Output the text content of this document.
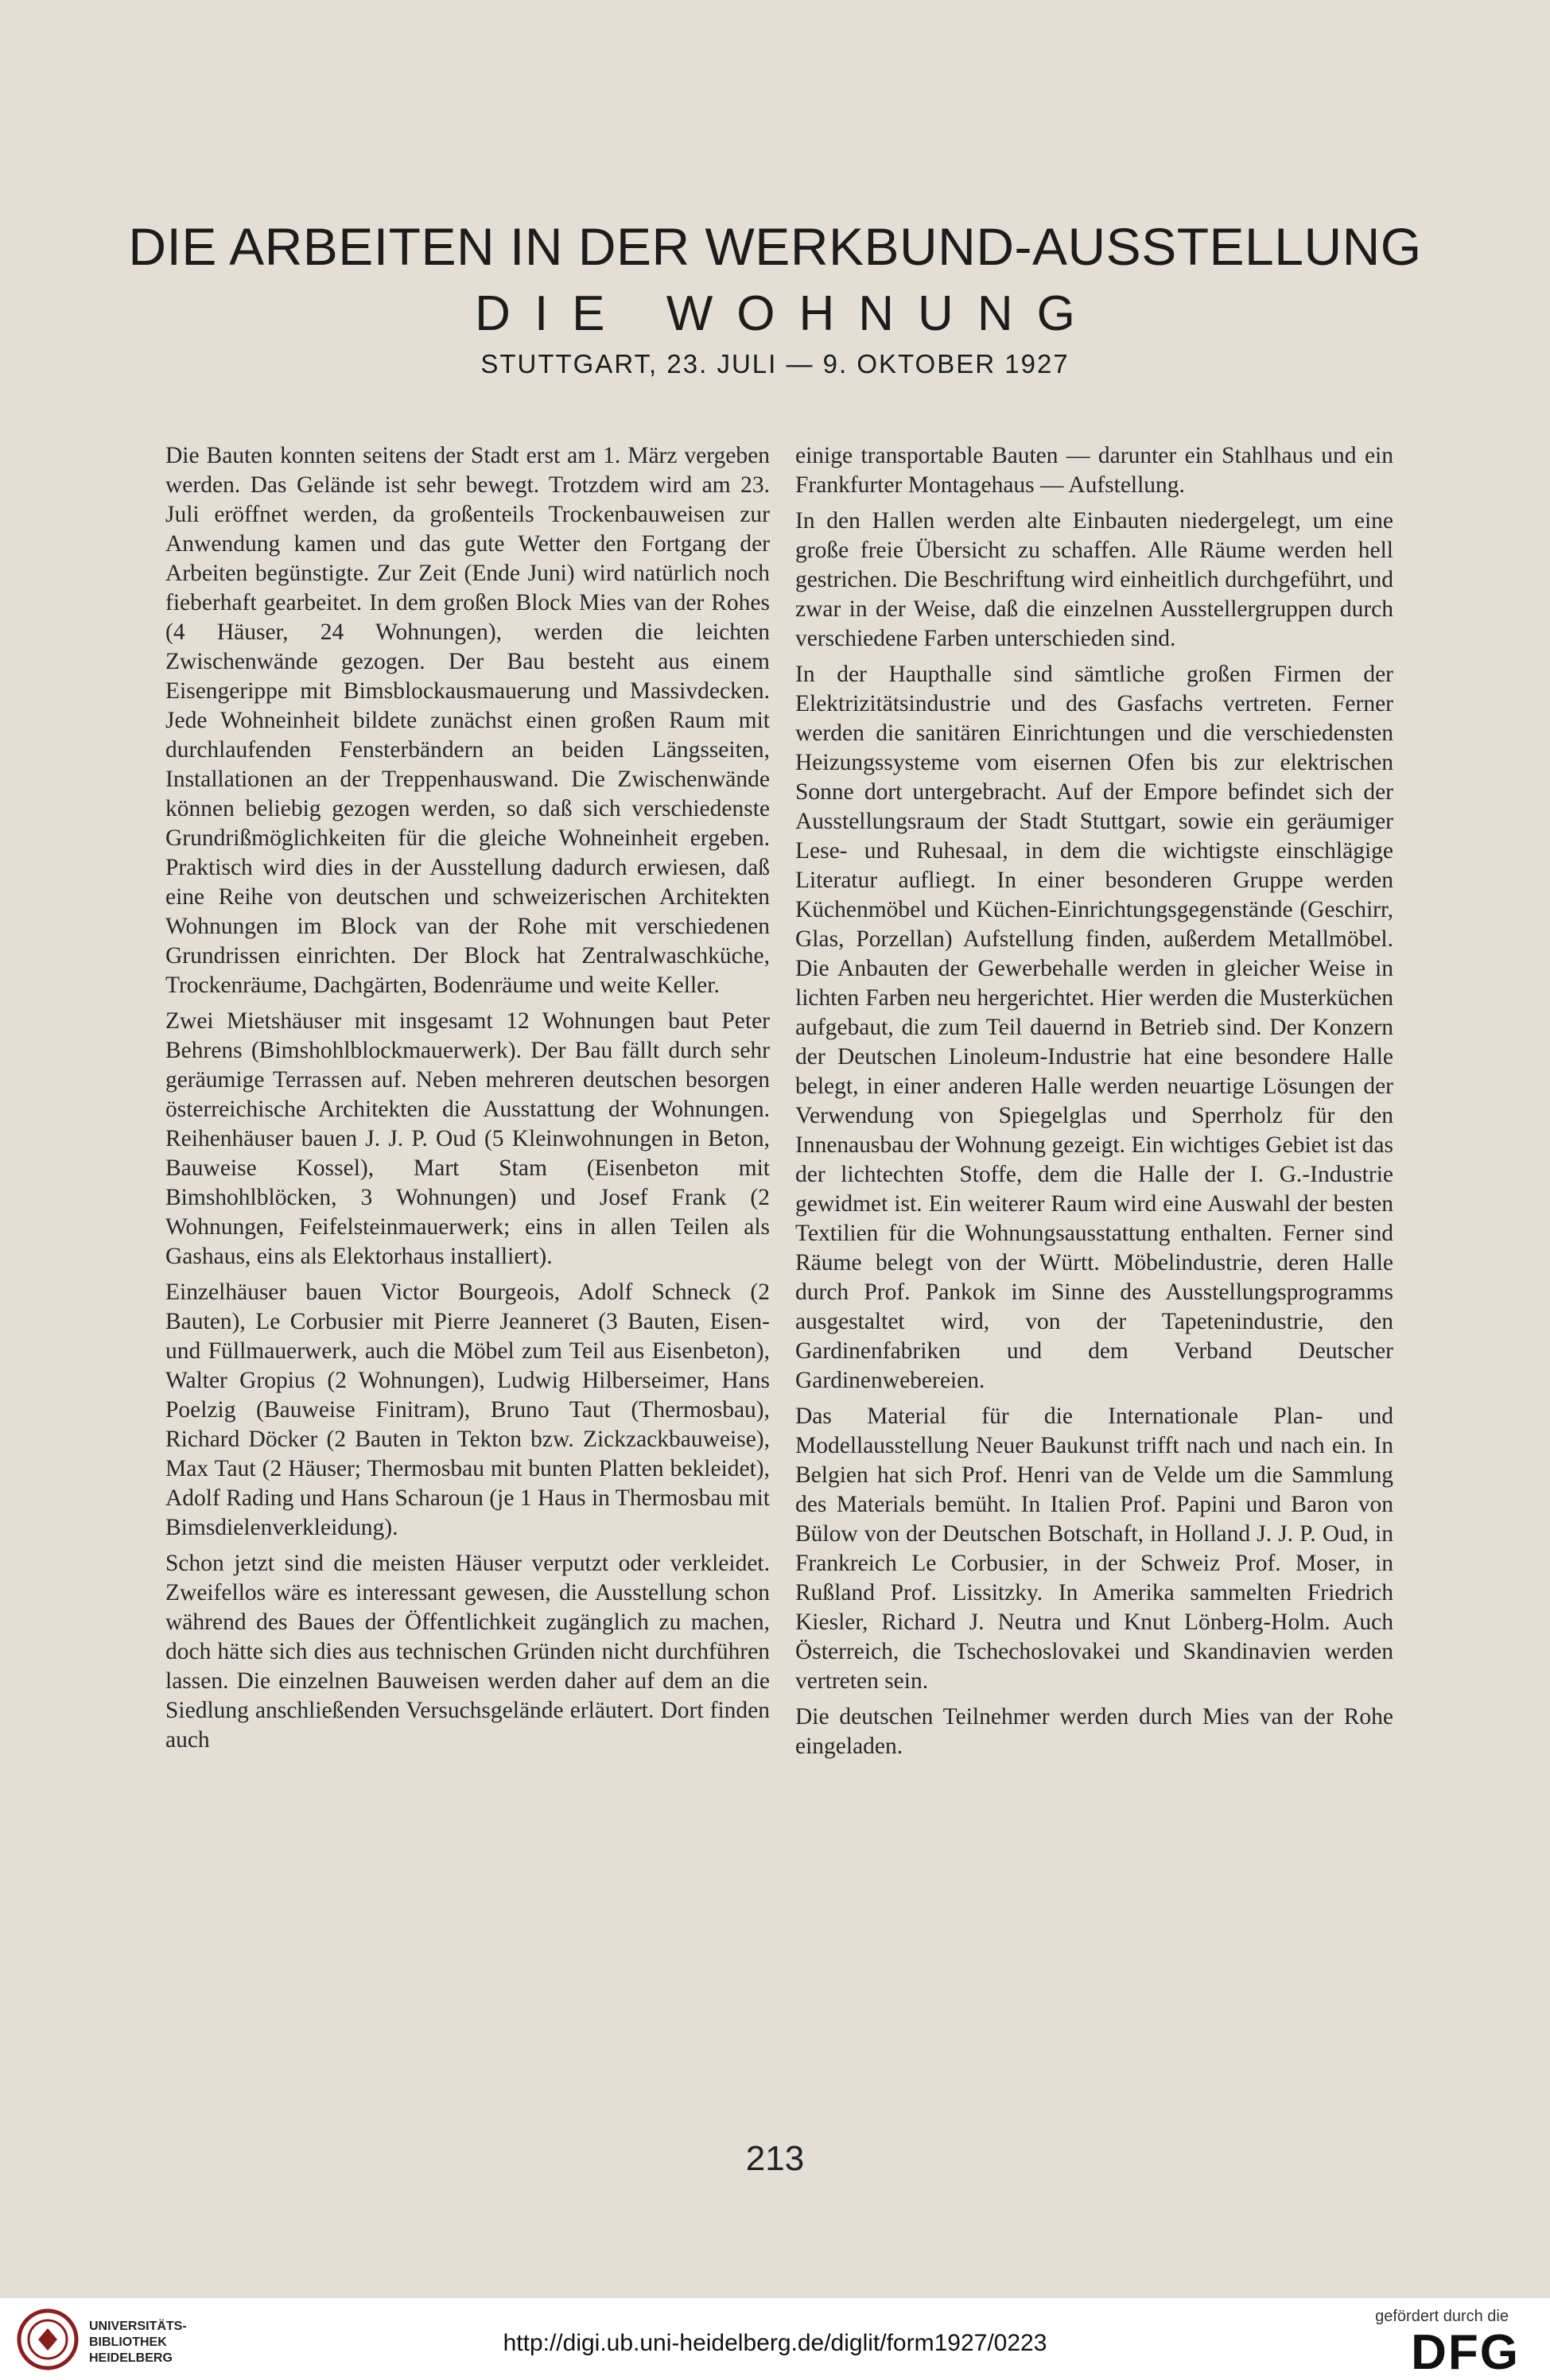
DIE ARBEITEN IN DER WERKBUND-AUSSTELLUNG
DIE WOHNUNG
STUTTGART, 23. JULI — 9. OKTOBER 1927

Die Bauten konnten seitens der Stadt erst am 1. März vergeben werden. Das Gelände ist sehr bewegt. Trotzdem wird am 23. Juli eröffnet werden, da großenteils Trockenbauweisen zur Anwendung kamen und das gute Wetter den Fortgang der Arbeiten begünstigte. Zur Zeit (Ende Juni) wird natürlich noch fieberhaft gearbeitet. In dem großen Block Mies van der Rohes (4 Häuser, 24 Wohnungen), werden die leichten Zwischenwände gezogen. Der Bau besteht aus einem Eisengerippe mit Bimsblockausmauerung und Massivdecken. Jede Wohneinheit bildete zunächst einen großen Raum mit durchlaufenden Fensterbändern an beiden Längsseiten, Installationen an der Treppenhauswand. Die Zwischenwände können beliebig gezogen werden, so daß sich verschiedenste Grundrißmöglichkeiten für die gleiche Wohneinheit ergeben. Praktisch wird dies in der Ausstellung dadurch erwiesen, daß eine Reihe von deutschen und schweizerischen Architekten Wohnungen im Block van der Rohe mit verschiedenen Grundrissen einrichten. Der Block hat Zentralwaschküche, Trockenräume, Dachgärten, Bodenräume und weite Keller.

Zwei Mietshäuser mit insgesamt 12 Wohnungen baut Peter Behrens (Bimshohlblockmauerwerk). Der Bau fällt durch sehr geräumige Terrassen auf. Neben mehreren deutschen besorgen österreichische Architekten die Ausstattung der Wohnungen. Reihenhäuser bauen J. J. P. Oud (5 Kleinwohnungen in Beton, Bauweise Kossel), Mart Stam (Eisenbeton mit Bimshohlblöcken, 3 Wohnungen) und Josef Frank (2 Wohnungen, Feifelsteinmauerwerk; eins in allen Teilen als Gashaus, eins als Elektorhaus installiert).

Einzelhäuser bauen Victor Bourgeois, Adolf Schneck (2 Bauten), Le Corbusier mit Pierre Jeanneret (3 Bauten, Eisen- und Füllmauerwerk, auch die Möbel zum Teil aus Eisenbeton), Walter Gropius (2 Wohnungen), Ludwig Hilberseimer, Hans Poelzig (Bauweise Finitram), Bruno Taut (Thermosbau), Richard Döcker (2 Bauten in Tekton bzw. Zickzackbauweise), Max Taut (2 Häuser; Thermosbau mit bunten Platten bekleidet), Adolf Rading und Hans Scharoun (je 1 Haus in Thermosbau mit Bimsdielenverkleidung).

Schon jetzt sind die meisten Häuser verputzt oder verkleidet. Zweifellos wäre es interessant gewesen, die Ausstellung schon während des Baues der Öffentlichkeit zugänglich zu machen, doch hätte sich dies aus technischen Gründen nicht durchführen lassen. Die einzelnen Bauweisen werden daher auf dem an die Siedlung anschließenden Versuchsgelände erläutert. Dort finden auch

einige transportable Bauten — darunter ein Stahlhaus und ein Frankfurter Montagehaus — Aufstellung.

In den Hallen werden alte Einbauten niedergelegt, um eine große freie Übersicht zu schaffen. Alle Räume werden hell gestrichen. Die Beschriftung wird einheitlich durchgeführt, und zwar in der Weise, daß die einzelnen Ausstellergruppen durch verschiedene Farben unterschieden sind.

In der Haupthalle sind sämtliche großen Firmen der Elektrizitätsindustrie und des Gasfachs vertreten. Ferner werden die sanitären Einrichtungen und die verschiedensten Heizungssysteme vom eisernen Ofen bis zur elektrischen Sonne dort untergebracht. Auf der Empore befindet sich der Ausstellungsraum der Stadt Stuttgart, sowie ein geräumiger Lese- und Ruhesaal, in dem die wichtigste einschlägige Literatur aufliegt. In einer besonderen Gruppe werden Küchenmöbel und Küchen-Einrichtungsgegenstände (Geschirr, Glas, Porzellan) Aufstellung finden, außerdem Metallmöbel. Die Anbauten der Gewerbehalle werden in gleicher Weise in lichten Farben neu hergerichtet. Hier werden die Musterküchen aufgebaut, die zum Teil dauernd in Betrieb sind. Der Konzern der Deutschen Linoleum-Industrie hat eine besondere Halle belegt, in einer anderen Halle werden neuartige Lösungen der Verwendung von Spiegelglas und Sperrholz für den Innenausbau der Wohnung gezeigt. Ein wichtiges Gebiet ist das der lichtechten Stoffe, dem die Halle der I. G.-Industrie gewidmet ist. Ein weiterer Raum wird eine Auswahl der besten Textilien für die Wohnungsausstattung enthalten. Ferner sind Räume belegt von der Württ. Möbelindustrie, deren Halle durch Prof. Pankok im Sinne des Ausstellungsprogramms ausgestaltet wird, von der Tapetenindustrie, den Gardinenfabriken und dem Verband Deutscher Gardinenwebereien.

Das Material für die Internationale Plan- und Modellausstellung Neuer Baukunst trifft nach und nach ein. In Belgien hat sich Prof. Henri van de Velde um die Sammlung des Materials bemüht. In Italien Prof. Papini und Baron von Bülow von der Deutschen Botschaft, in Holland J. J. P. Oud, in Frankreich Le Corbusier, in der Schweiz Prof. Moser, in Rußland Prof. Lissitzky. In Amerika sammelten Friedrich Kiesler, Richard J. Neutra und Knut Lönberg-Holm. Auch Österreich, die Tschechoslovakei und Skandinavien werden vertreten sein.

Die deutschen Teilnehmer werden durch Mies van der Rohe eingeladen.

213
UNIVERSITÄTS-
BIBLIOTHEK
HEIDELBERG
http://digi.ub.uni-heidelberg.de/diglit/form1927/0223
gefördert durch die
DFG
